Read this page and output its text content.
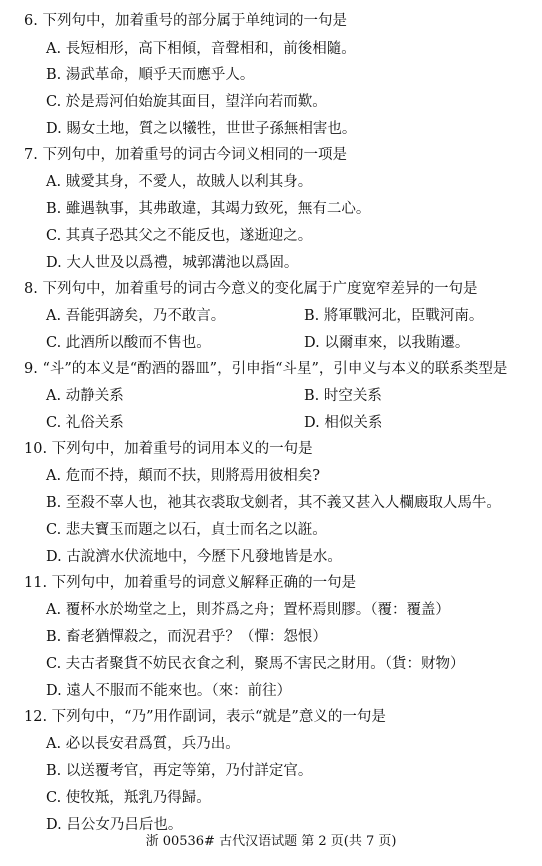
6. 下列句中，加着重号的部分属于单纯词的一句是
A. 長短相形，高下相傾，音聲相和，前後相隨。
B. 湯武革命，順乎天而應乎人。
C. 於是焉河伯始旋其面目，望洋向若而歎。
D. 賜女土地，質之以犧牲，世世子孫無相害也。
7. 下列句中，加着重号的词古今词义相同的一项是
A. 賊愛其身，不愛人，故賊人以利其身。
B. 雖遇執事，其弗敢違，其竭力致死，無有二心。
C. 其真子恐其父之不能反也，遂逝迎之。
D. 大人世及以爲禮，城郭溝池以爲固。
8. 下列句中，加着重号的词古今意义的变化属于广度宽窄差异的一句是
A. 吾能弭謗矣，乃不敢言。	B. 將軍戰河北，臣戰河南。
C. 此酒所以酸而不售也。	D. 以爾車來，以我賄遷。
9. “斗”的本义是“酌酒的器皿”，引申指“斗星”，引申义与本义的联系类型是
A. 动静关系	B. 时空关系
C. 礼俗关系	D. 相似关系
10. 下列句中，加着重号的词用本义的一句是
A. 危而不持，顛而不扶，則將焉用彼相矣?
B. 至殺不辜人也，祂其衣裘取戈劍者，其不義又甚入人欄廄取人馬牛。
C. 悲夫寶玉而題之以石，貞士而名之以誑。
D. 古說濟水伏流地中，今歷下凡發地皆是水。
11. 下列句中，加着重号的词意义解释正确的一句是
A. 覆杯水於坳堂之上，則芥爲之舟；置杯焉則膠。（覆：覆盖）
B. 畜老猶憚殺之，而況君乎？（憚：怨恨）
C. 夫古者聚貨不妨民衣食之利，聚馬不害民之財用。（貨：财物）
D. 遠人不服而不能來也。（來：前往）
12. 下列句中，“乃”用作副词，表示“就是”意义的一句是
A. 必以長安君爲質，兵乃出。
B. 以送覆考官，再定等第，乃付詳定官。
C. 使牧羝，羝乳乃得歸。
D. 吕公女乃吕后也。
浙 00536# 古代汉语试题 第 2 页(共 7 页)
